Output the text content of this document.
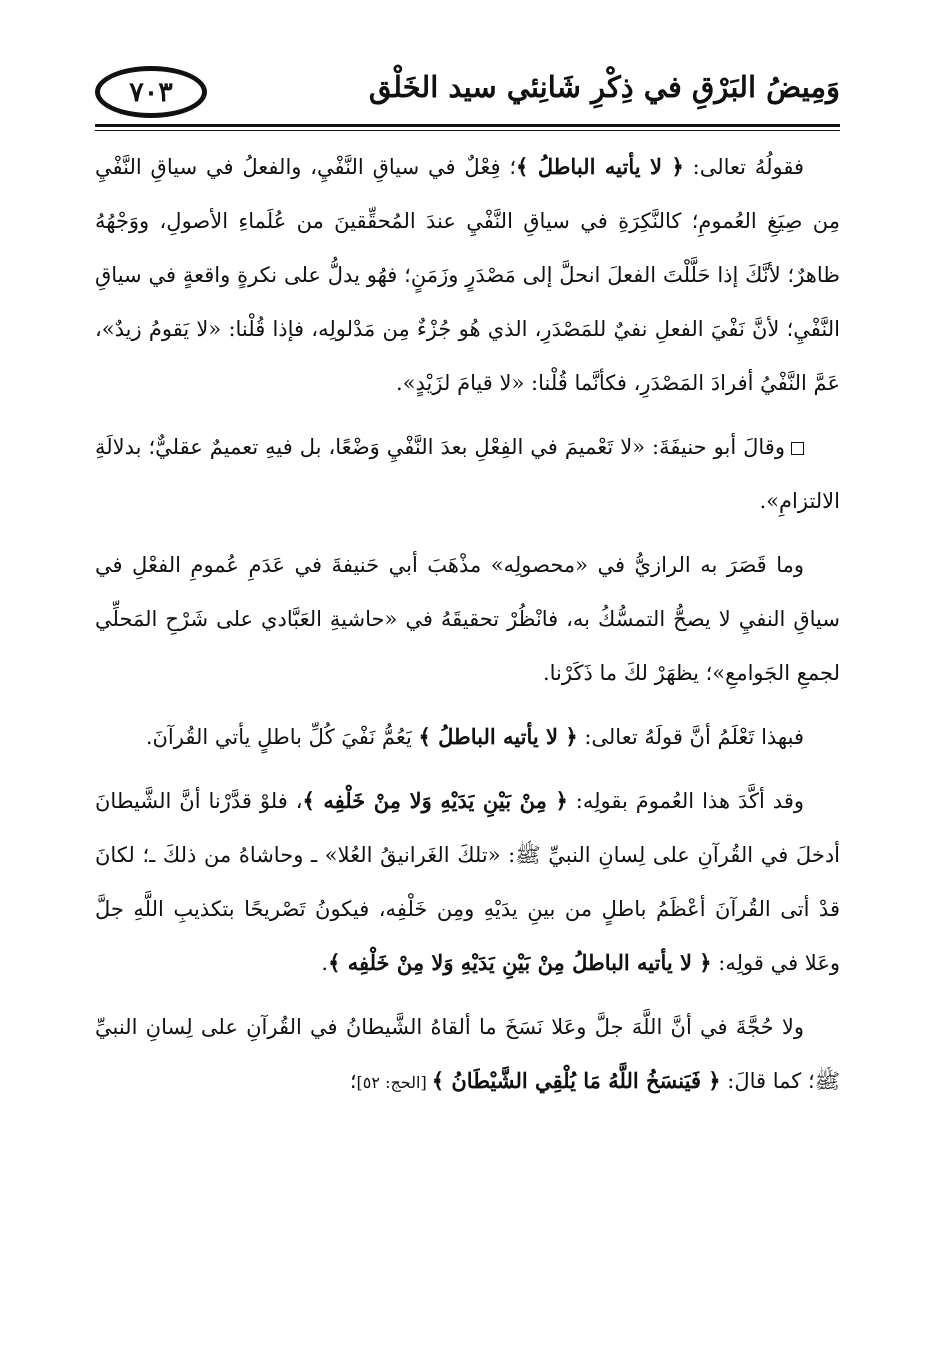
٧٠٣	وَمِيضُ البَرْقِ في ذِكْرِ شَانِئي سيد الخَلْق

فقولُهُ تعالى: ﴿ لا يأتيه الباطلُ ﴾؛ فِعْلٌ في سياقِ النَّفْيِ، والفعلُ في سياقِ النَّفْيِ مِن صِيَغِ العُمومِ؛ كالنَّكِرَةِ في سياقِ النَّفْيِ عندَ المُحقِّقينَ من عُلَماءِ الأصولِ، ووَجْهُهُ ظاهرٌ؛ لأنَّكَ إذا حَلَّلْتَ الفعلَ انحلَّ إلى مَصْدَرٍ وزَمَنٍ؛ فهُو يدلُّ على نكرةٍ واقعةٍ في سياقِ النَّفْيِ؛ لأنَّ نَفْيَ الفعلِ نفيٌ للمَصْدَرِ، الذي هُو جُزْءٌ مِن مَدْلولِه، فإذا قُلْنا: «لا يَقومُ زيدٌ»، عَمَّ النَّفْيُ أفرادَ المَصْدَرِ، فكأنَّما قُلْنا: «لا قيامَ لزَيْدٍ».

وقالَ أبو حنيفَةَ: «لا تَعْميمَ في الفِعْلِ بعدَ النَّفْيِ وَضْعًا، بل فيهِ تعميمٌ عقليٌّ؛ بدلالَةِ الالتزامِ».

وما قَصَرَ به الرازيُّ في «محصولِه» مذْهَبَ أبي حَنيفةَ في عَدَمِ عُمومِ الفعْلِ في سياقِ النفيِ لا يصحُّ التمسُّكُ به، فانْظُرْ تحقيقَهُ في «حاشيةِ العَبَّادي على شَرْحِ المَحلِّي لجمعِ الجَوامعِ»؛ يظهَرْ لكَ ما ذَكَرْنا.

فبهذا تَعْلَمُ أنَّ قولَهُ تعالى: ﴿ لا يأتيه الباطلُ ﴾ يَعُمُّ نَفْيَ كُلِّ باطلٍ يأتي القُرآنَ.

وقد أكَّدَ هذا العُمومَ بقولِه: ﴿ مِنْ بَيْنِ يَدَيْهِ وَلا مِنْ خَلْفِه ﴾، فلوْ قدَّرْنا أنَّ الشَّيطانَ أدخلَ في القُرآنِ على لِسانِ النبيِّ ﷺ: «تلكَ الغَرانيقُ العُلا» ـ وحاشاهُ من ذلكَ ـ؛ لكانَ قدْ أتى القُرآنَ أعْظَمُ باطلٍ من بينِ يدَيْهِ ومِن خَلْفِه، فيكونُ تَصْريحًا بتكذيبِ اللَّهِ جلَّ وعَلا في قولِه: ﴿ لا يأتيه الباطلُ مِنْ بَيْنِ يَدَيْهِ وَلا مِنْ خَلْفِه ﴾.

ولا حُجَّةَ في أنَّ اللَّهَ جلَّ وعَلا نَسَخَ ما ألقاهُ الشَّيطانُ في القُرآنِ على لِسانِ النبيِّ ﷺ؛ كما قالَ: ﴿ فَيَنسَخُ اللَّهُ مَا يُلْقِي الشَّيْطَانُ ﴾ [الحج: ٥٢]؛
